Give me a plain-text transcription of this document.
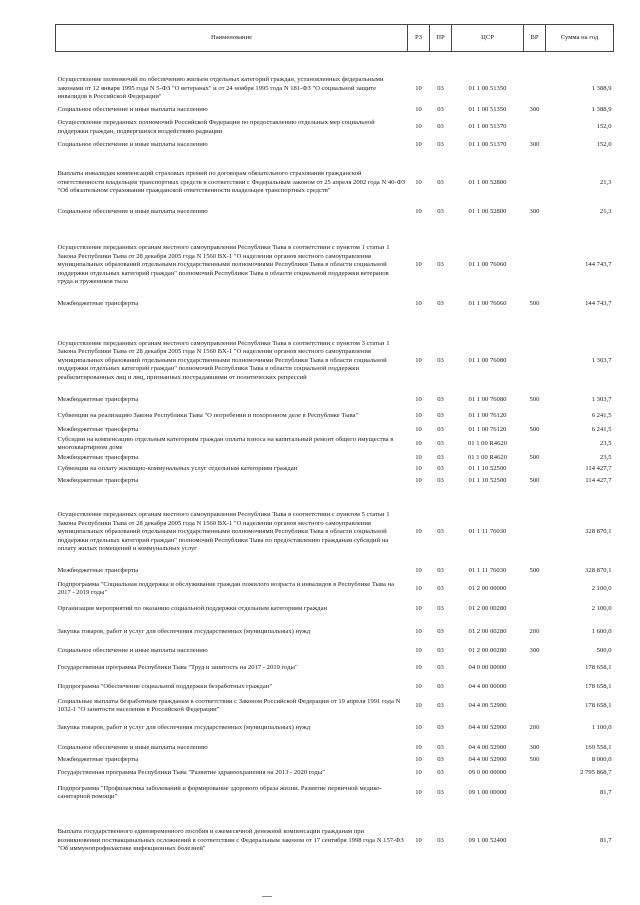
Наименование	РЗ	ПР	ЦСР	ВР	Сумма на год
Осуществление полномочий по обеспечению жильем отдельных категорий граждан, установленных федеральными законами от 12 января 1995 года N 5-ФЗ "О ветеранах" и от 24 ноября 1995 года N 181-ФЗ "О социальной защите инвалидов в Российской Федерации"	10	03	01 1 00 51350		1 388,9
Социальное обеспечение и иные выплаты населению	10	03	01 1 00 51350	300	1 388,9
Осуществление переданных полномочий Российской Федерации по предоставлению отдельных мер социальной поддержки граждан, подвергшихся воздействию радиации	10	03	01 1 00 51370		152,0
Социальное обеспечение и иные выплаты населению	10	03	01 1 00 51370	300	152,0
Выплаты инвалидам компенсаций страховых премий по договорам обязательного страхования гражданской ответственности владельцев транспортных средств в соответствии с Федеральным законом от 25 апреля 2002 года N 40-ФЗ "Об обязательном страховании гражданской ответственности владельцев транспортных средств"	10	03	01 1 00 52800		21,3
Социальное обеспечение и иные выплаты населению	10	03	01 1 00 52800	300	21,3
Осуществление переданных органам местного самоуправления Республики Тыва в соответствии с пунктом 1 статьи 1 Закона Республики Тыва от 28 декабря 2005 года N 1560 ВХ-1 "О наделении органов местного самоуправления муниципальных образований отдельными государственными полномочиями Республики Тыва в области социальной поддержки отдельных категорий граждан" полномочий Республики Тыва в области социальной поддержки ветеранов труда и тружеников тыла	10	03	01 1 00 76060		144 743,7
Межбюджетные трансферты	10	03	01 1 00 76060	500	144 743,7
Осуществление переданных органам местного самоуправления Республики Тыва в соответствии с пунктом 3 статьи 1 Закона Республики Тыва от 28 декабря 2005 года N 1560 ВХ-1 "О наделении органов местного самоуправления муниципальных образований отдельными государственными полномочиями Республики Тыва в области социальной поддержки отдельных категорий граждан" полномочий Республики Тыва в области социальной поддержки реабилитированных лиц и лиц, признанных пострадавшими от политических репрессий	10	03	01 1 00 76080		1 303,7
Межбюджетные трансферты	10	03	01 1 00 76080	500	1 303,7
Субвенции на реализацию Закона Республики Тыва "О погребении и похоронном деле в Республике Тыва"	10	03	01 1 00 76120		6 241,5
Межбюджетные трансферты	10	03	01 1 00 76120	500	6 241,5
Субсидии на компенсацию отдельным категориям граждан оплаты взноса на капитальный ремонт общего имущества в многоквартирном доме	10	03	01 1 00 R4620		23,5
Межбюджетные трансферты	10	03	01 1 00 R4620	500	23,5
Субвенции на оплату жилищно-коммунальных услуг отдельным категориям граждан	10	03	01 1 10 52500		114 427,7
Межбюджетные трансферты	10	03	01 1 10 52500	500	114 427,7
Осуществление переданных органам местного самоуправления Республики Тыва в соответствии с пунктом 5 статьи 1 Закона Республики Тыва от 28 декабря 2005 года N 1560 ВХ-1 "О наделении органов местного самоуправления муниципальных образований отдельными государственными полномочиями Республики Тыва в области социальной поддержки отдельных категорий граждан" полномочий Республики Тыва по предоставлению гражданам субсидий на оплату жилых помещений и коммунальных услуг	10	03	01 1 11 76030		328 870,1
Межбюджетные трансферты	10	03	01 1 11 76030	500	328 870,1
Подпрограмма "Социальная поддержка и обслуживание граждан пожилого возраста и инвалидов в Республике Тыва на 2017 - 2019 годы"	10	03	01 2 00 00000		2 100,0
Организация мероприятий по оказанию социальной поддержки отдельным категориям граждан	10	03	01 2 00 00280		2 100,0
Закупка товаров, работ и услуг для обеспечения государственных (муниципальных) нужд	10	03	01 2 00 00280	200	1 600,0
Социальное обеспечение и иные выплаты населению	10	03	01 2 00 00280	300	500,0
Государственная программа Республики Тыва "Труд и занятость на 2017 - 2019 годы"	10	03	04 0 00 00000		178 658,1
Подпрограмма "Обеспечение социальной поддержки безработных граждан"	10	03	04 4 00 00000		178 658,1
Социальные выплаты безработным гражданам в соответствии с Законом Российской Федерации от 19 апреля 1991 года N 1032-1 "О занятости населения в Российской Федерации"	10	03	04 4 00 52900		178 658,1
Закупка товаров, работ и услуг для обеспечения государственных (муниципальных) нужд	10	03	04 4 00 52900	200	1 100,0
Социальное обеспечение и иные выплаты населению	10	03	04 4 00 52900	300	169 558,1
Межбюджетные трансферты	10	03	04 4 00 52900	500	8 000,0
Государственная программа Республики Тыва "Развитие здравоохранения на 2013 - 2020 годы"	10	03	09 0 00 00000		2 795 868,7
Подпрограмма "Профилактика заболеваний и формирование здорового образа жизни. Развитие первичной медико-санитарной помощи"	10	03	09 1 00 00000		81,7
Выплата государственного единовременного пособия и ежемесячной денежной компенсации гражданам при возникновении поствакцинальных осложнений в соответствии с Федеральным законом от 17 сентября 1998 года N 157-ФЗ "Об иммунопрофилактике инфекционных болезней"	10	03	09 1 00 52400		81,7
